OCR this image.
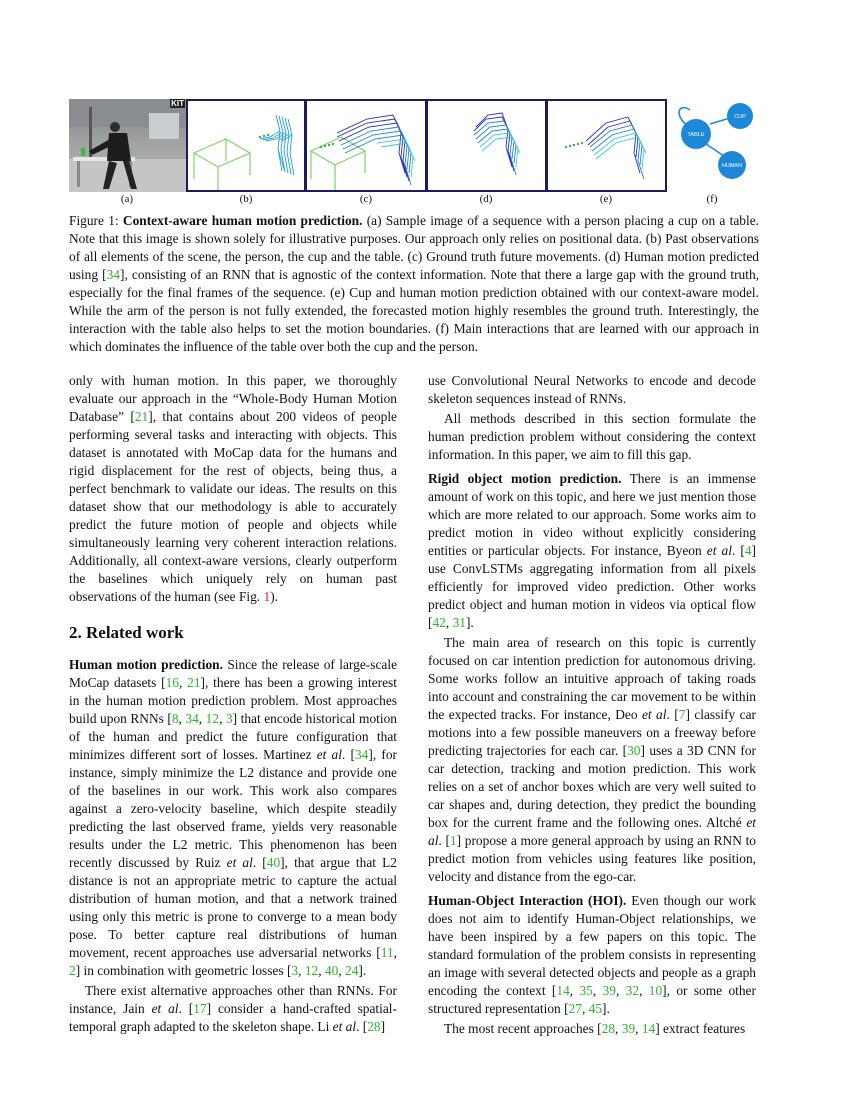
KIT
TABLE
CUP
HUMAN
(a)	(b)	(c)	(d)	(e)	(f)
Figure 1: Context-aware human motion prediction. (a) Sample image of a sequence with a person placing a cup on a table. Note that this image is shown solely for illustrative purposes. Our approach only relies on positional data. (b) Past observations of all elements of the scene, the person, the cup and the table. (c) Ground truth future movements. (d) Human motion predicted using [34], consisting of an RNN that is agnostic of the context information. Note that there a large gap with the ground truth, especially for the final frames of the sequence. (e) Cup and human motion prediction obtained with our context-aware model. While the arm of the person is not fully extended, the forecasted motion highly resembles the ground truth. Interestingly, the interaction with the table also helps to set the motion boundaries. (f) Main interactions that are learned with our approach in which dominates the influence of the table over both the cup and the person.

only with human motion. In this paper, we thoroughly evaluate our approach in the “Whole-Body Human Motion Database” [21], that contains about 200 videos of people performing several tasks and interacting with objects. This dataset is annotated with MoCap data for the humans and rigid displacement for the rest of objects, being thus, a perfect benchmark to validate our ideas. The results on this dataset show that our methodology is able to accurately predict the future motion of people and objects while simultaneously learning very coherent interaction relations. Additionally, all context-aware versions, clearly outperform the baselines which uniquely rely on human past observations of the human (see Fig. 1).

2. Related work

Human motion prediction. Since the release of large-scale MoCap datasets [16, 21], there has been a growing interest in the human motion prediction problem. Most approaches build upon RNNs [8, 34, 12, 3] that encode historical motion of the human and predict the future configuration that minimizes different sort of losses. Martinez et al. [34], for instance, simply minimize the L2 distance and provide one of the baselines in our work. This work also compares against a zero-velocity baseline, which despite steadily predicting the last observed frame, yields very reasonable results under the L2 metric. This phenomenon has been recently discussed by Ruiz et al. [40], that argue that L2 distance is not an appropriate metric to capture the actual distribution of human motion, and that a network trained using only this metric is prone to converge to a mean body pose. To better capture real distributions of human movement, recent approaches use adversarial networks [11, 2] in combination with geometric losses [3, 12, 40, 24].

There exist alternative approaches other than RNNs. For instance, Jain et al. [17] consider a hand-crafted spatial-temporal graph adapted to the skeleton shape. Li et al. [28]

use Convolutional Neural Networks to encode and decode skeleton sequences instead of RNNs.

All methods described in this section formulate the human prediction problem without considering the context information. In this paper, we aim to fill this gap.

Rigid object motion prediction. There is an immense amount of work on this topic, and here we just mention those which are more related to our approach. Some works aim to predict motion in video without explicitly considering entities or particular objects. For instance, Byeon et al. [4] use ConvLSTMs aggregating information from all pixels efficiently for improved video prediction. Other works predict object and human motion in videos via optical flow [42, 31].

The main area of research on this topic is currently focused on car intention prediction for autonomous driving. Some works follow an intuitive approach of taking roads into account and constraining the car movement to be within the expected tracks. For instance, Deo et al. [7] classify car motions into a few possible maneuvers on a freeway before predicting trajectories for each car. [30] uses a 3D CNN for car detection, tracking and motion prediction. This work relies on a set of anchor boxes which are very well suited to car shapes and, during detection, they predict the bounding box for the current frame and the following ones. Altché et al. [1] propose a more general approach by using an RNN to predict motion from vehicles using features like position, velocity and distance from the ego-car.

Human-Object Interaction (HOI). Even though our work does not aim to identify Human-Object relationships, we have been inspired by a few papers on this topic. The standard formulation of the problem consists in representing an image with several detected objects and people as a graph encoding the context [14, 35, 39, 32, 10], or some other structured representation [27, 45].

The most recent approaches [28, 39, 14] extract features
